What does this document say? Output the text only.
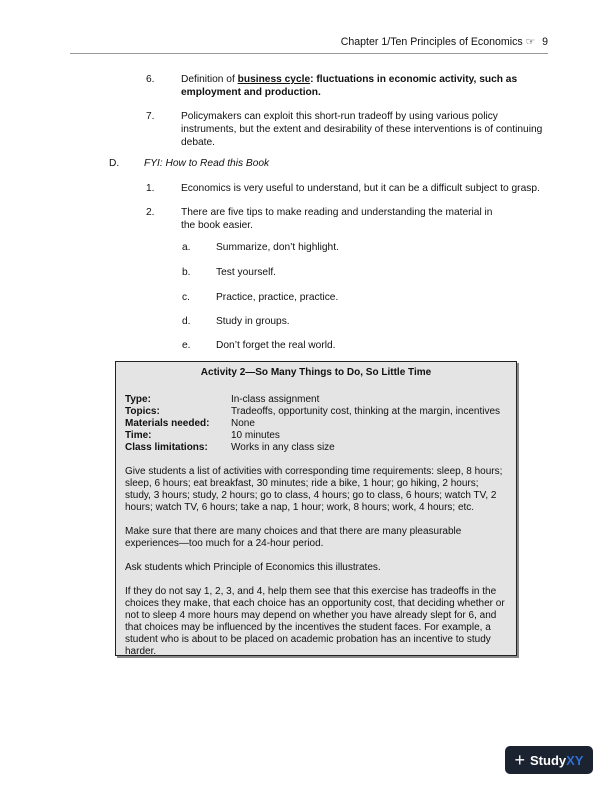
Chapter 1/Ten Principles of Economics ☞ 9
6.	Definition of business cycle: fluctuations in economic activity, such as employment and production.
7.	Policymakers can exploit this short-run tradeoff by using various policy instruments, but the extent and desirability of these interventions is of continuing debate.
D.	FYI: How to Read this Book
1.	Economics is very useful to understand, but it can be a difficult subject to grasp.
2.	There are five tips to make reading and understanding the material in the book easier.
a.	Summarize, don’t highlight.
b.	Test yourself.
c.	Practice, practice, practice.
d.	Study in groups.
e.	Don’t forget the real world.
Activity 2—So Many Things to Do, So Little Time
Type:	In-class assignment
Topics:	Tradeoffs, opportunity cost, thinking at the margin, incentives
Materials needed:	None
Time:	10 minutes
Class limitations:	Works in any class size

Give students a list of activities with corresponding time requirements: sleep, 8 hours; sleep, 6 hours; eat breakfast, 30 minutes; ride a bike, 1 hour; go hiking, 2 hours; study, 3 hours; study, 2 hours; go to class, 4 hours; go to class, 6 hours; watch TV, 2 hours; watch TV, 6 hours; take a nap, 1 hour; work, 8 hours; work, 4 hours; etc.

Make sure that there are many choices and that there are many pleasurable experiences—too much for a 24-hour period.

Ask students which Principle of Economics this illustrates.

If they do not say 1, 2, 3, and 4, help them see that this exercise has tradeoffs in the choices they make, that each choice has an opportunity cost, that deciding whether or not to sleep 4 more hours may depend on whether you have already slept for 6, and that choices may be influenced by the incentives the student faces. For example, a student who is about to be placed on academic probation has an incentive to study harder.

+ Study XY
